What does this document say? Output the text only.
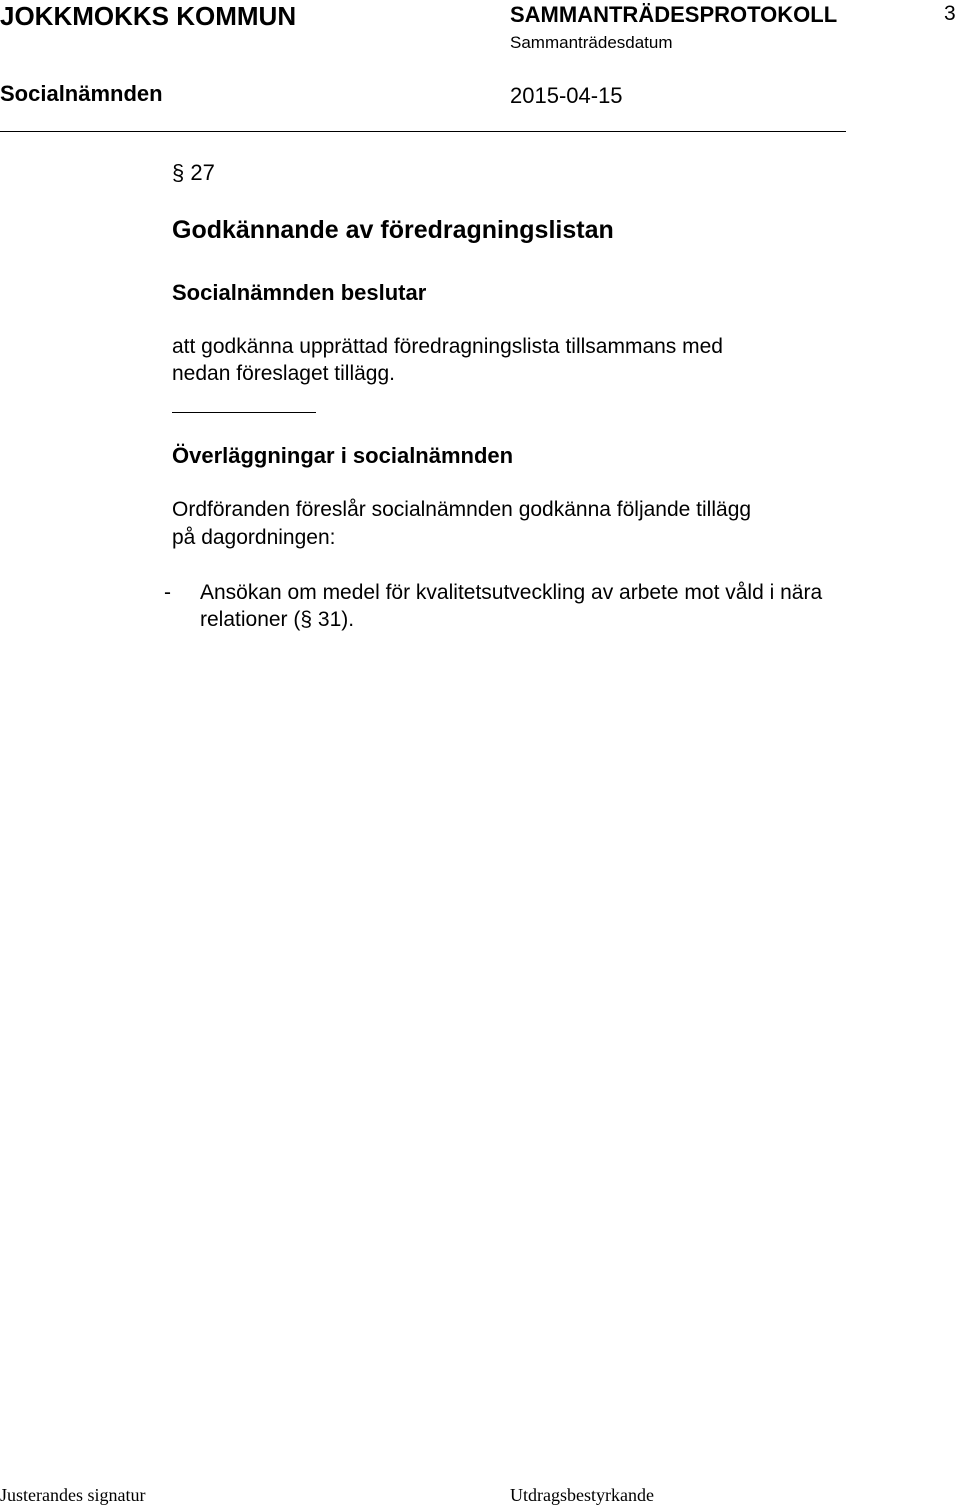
JOKKMOKKS KOMMUN	SAMMANTRÄDESPROTOKOLL	3
Sammanträdesdatum
Socialnämnden	2015-04-15
§ 27
Godkännande av föredragningslistan
Socialnämnden beslutar
att godkänna upprättad föredragningslista tillsammans med
nedan föreslaget tillägg.
Överläggningar i socialnämnden
Ordföranden föreslår socialnämnden godkänna följande tillägg
på dagordningen:
- Ansökan om medel för kvalitetsutveckling av arbete mot våld i nära
relationer (§ 31).
Justerandes signatur	Utdragsbestyrkande
